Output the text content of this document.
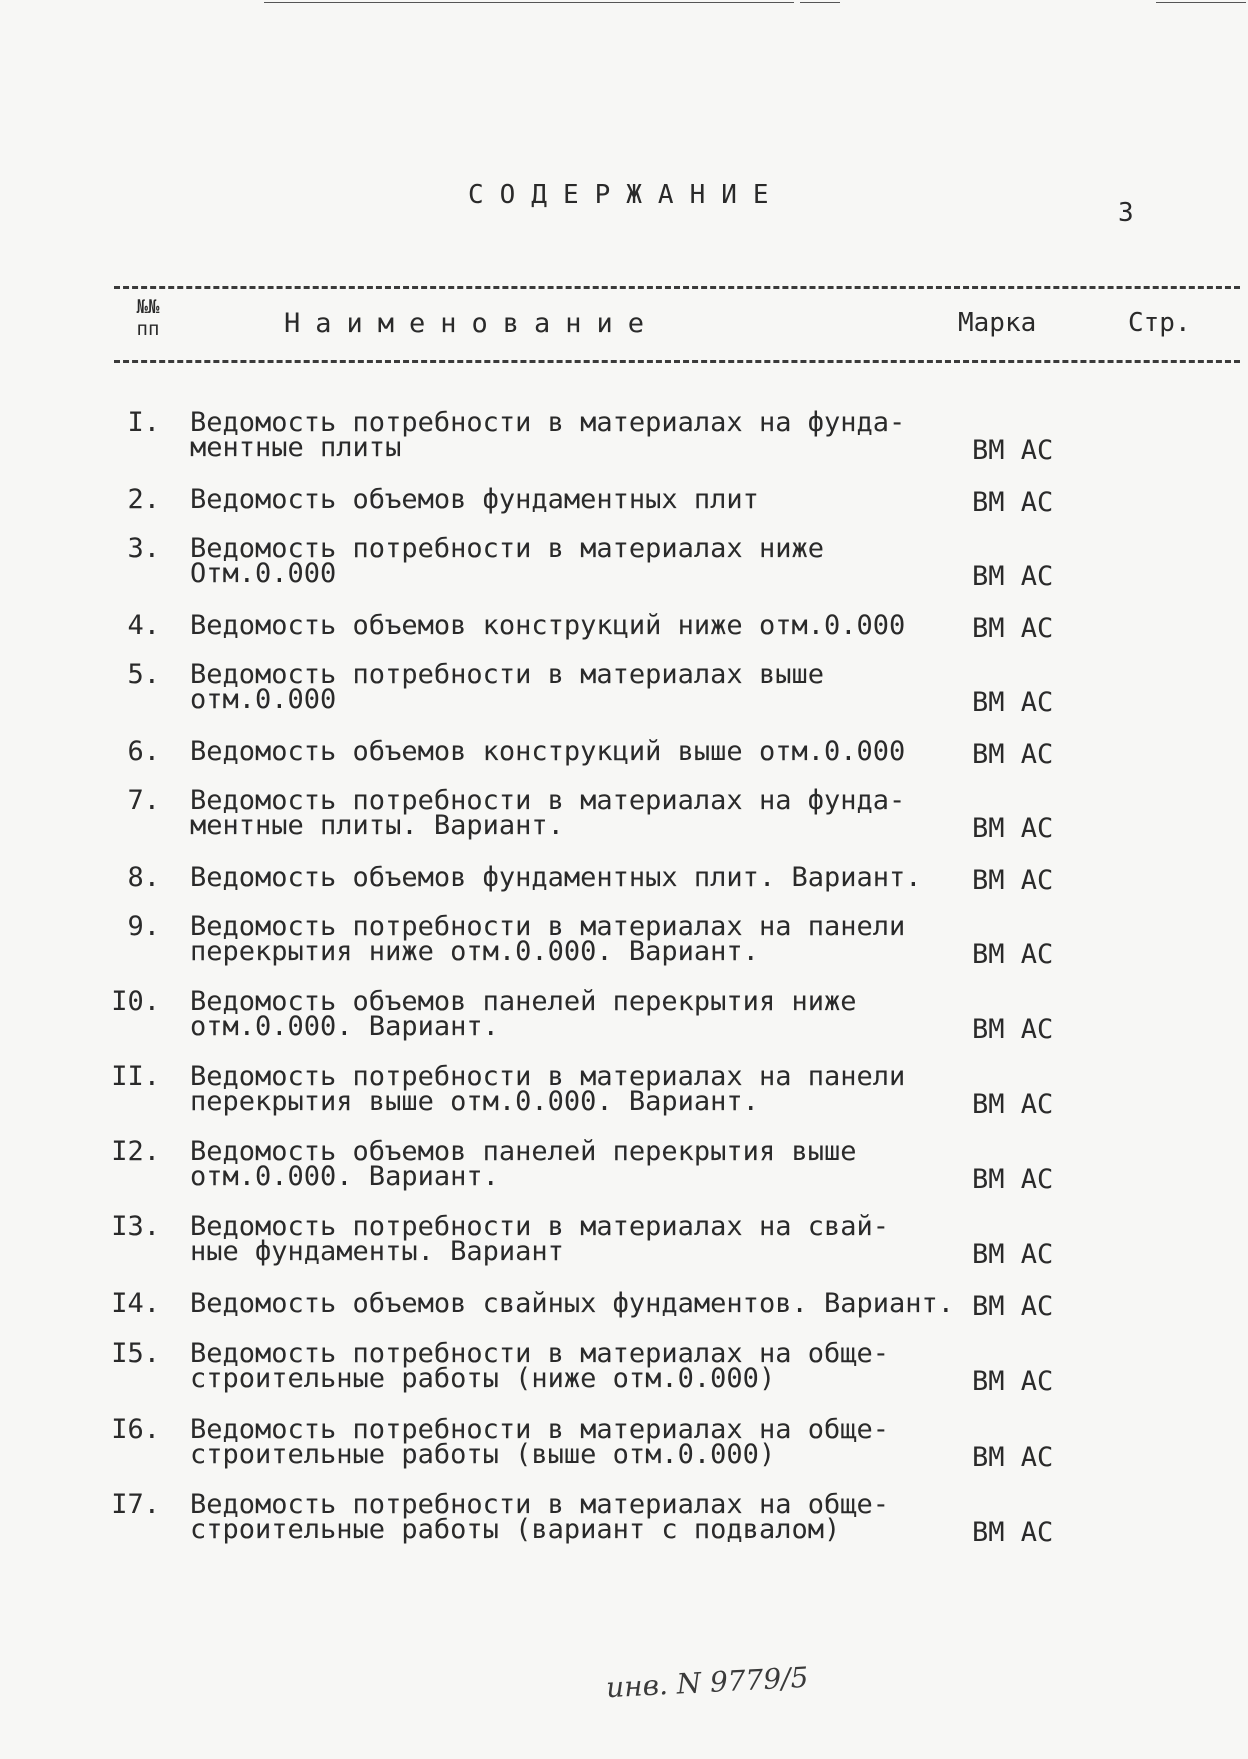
СОДЕРЖАНИЕ
3
№№
пп	Наименование	Марка	Стр.
I. Ведомость потребности в материалах на фунда-
ментные плиты	ВМ АС
2. Ведомость объемов фундаментных плит	ВМ АС
3. Ведомость потребности в материалах ниже
Отм.0.000	ВМ АС
4. Ведомость объемов конструкций ниже отм.0.000 ВМ АС
5. Ведомость потребности в материалах выше
отм.0.000	ВМ АС
6. Ведомость объемов конструкций выше отм.0.000 ВМ АС
7. Ведомость потребности в материалах на фунда-
ментные плиты. Вариант.	ВМ АС
8. Ведомость объемов фундаментных плит. Вариант. ВМ АС
9. Ведомость потребности в материалах на панели
перекрытия ниже отм.0.000. Вариант.	ВМ АС
I0. Ведомость объемов панелей перекрытия ниже
отм.0.000. Вариант.	ВМ АС
II. Ведомость потребности в материалах на панели
перекрытия выше отм.0.000. Вариант.	ВМ АС
I2. Ведомость объемов панелей перекрытия выше
отм.0.000. Вариант.	ВМ АС
I3. Ведомость потребности в материалах на свай-
ные фундаменты. Вариант	ВМ АС
I4. Ведомость объемов свайных фундаментов. Вариант. ВМ АС
I5. Ведомость потребности в материалах на обще-
строительные работы (ниже отм.0.000)	ВМ АС
I6. Ведомость потребности в материалах на обще-
строительные работы (выше отм.0.000)	ВМ АС
I7. Ведомость потребности в материалах на обще-
строительные работы (вариант с подвалом)	ВМ АС
инв. N 9779/5
